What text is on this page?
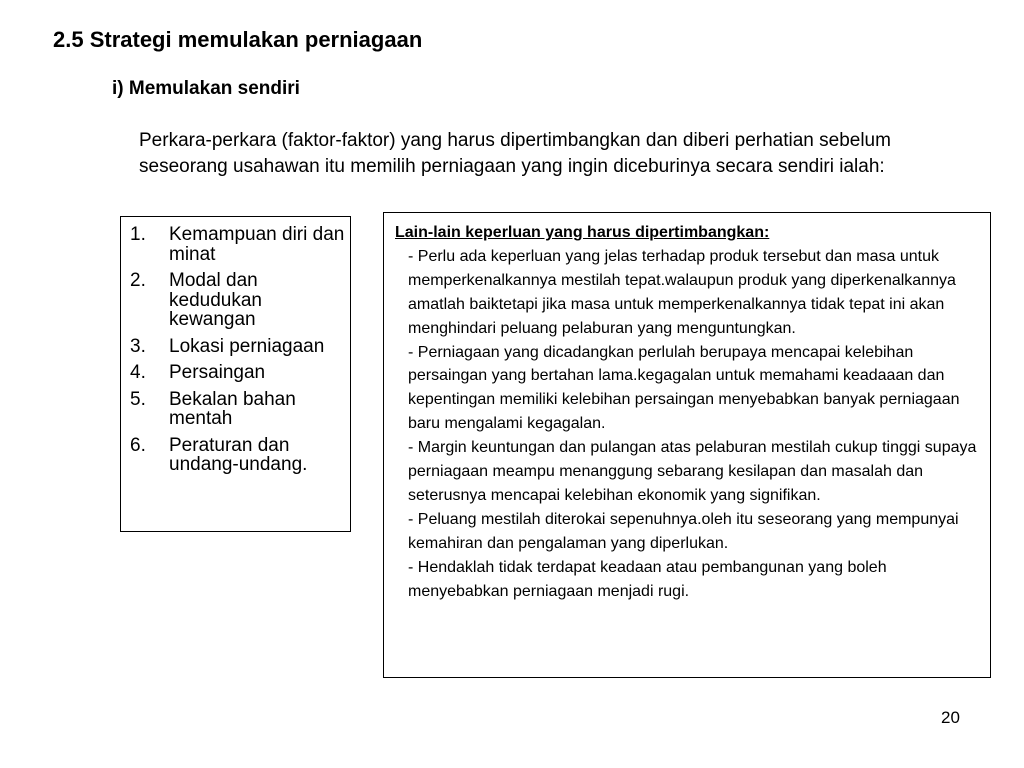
2.5 Strategi memulakan perniagaan
i) Memulakan sendiri
Perkara-perkara (faktor-faktor) yang harus dipertimbangkan dan diberi perhatian sebelum seseorang usahawan itu memilih perniagaan yang ingin diceburinya secara sendiri ialah:
1. Kemampuan diri dan minat
2. Modal dan kedudukan kewangan
3. Lokasi perniagaan
4. Persaingan
5. Bekalan bahan mentah
6. Peraturan dan undang-undang.
Lain-lain keperluan yang harus dipertimbangkan:
- Perlu ada keperluan yang jelas terhadap produk tersebut dan masa untuk memperkenalkannya mestilah tepat.walaupun produk yang diperkenalkannya amatlah baiktetapi jika masa untuk memperkenalkannya tidak tepat ini akan menghindari peluang pelaburan yang menguntungkan.
- Perniagaan yang dicadangkan perlulah berupaya mencapai kelebihan persaingan yang bertahan lama.kegagalan untuk memahami keadaaan dan kepentingan memiliki kelebihan persaingan menyebabkan banyak perniagaan baru mengalami kegagalan.
- Margin keuntungan dan pulangan atas pelaburan mestilah cukup tinggi supaya perniagaan meampu menanggung sebarang kesilapan dan masalah dan seterusnya mencapai kelebihan ekonomik yang signifikan.
- Peluang mestilah diterokai sepenuhnya.oleh itu seseorang yang mempunyai kemahiran dan pengalaman yang diperlukan.
- Hendaklah tidak terdapat keadaan atau pembangunan yang boleh menyebabkan perniagaan menjadi rugi.
20
